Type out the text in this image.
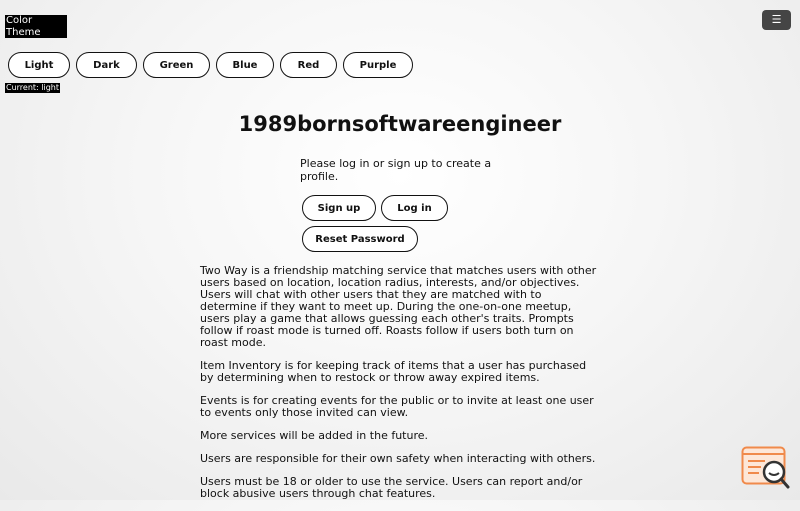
Color Theme
☰
Light	Dark	Green	Blue	Red	Purple
Current: light
1989bornsoftwareengineer
Please log in or sign up to create a profile.
Sign up	Log in
Reset Password

Two Way is a friendship matching service that matches users with other users based on location, location radius, interests, and/or objectives. Users will chat with other users that they are matched with to determine if they want to meet up. During the one-on-one meetup, users play a game that allows guessing each other's traits. Prompts follow if roast mode is turned off. Roasts follow if users both turn on roast mode.

Item Inventory is for keeping track of items that a user has purchased by determining when to restock or throw away expired items.

Events is for creating events for the public or to invite at least one user to events only those invited can view.

More services will be added in the future.

Users are responsible for their own safety when interacting with others.

Users must be 18 or older to use the service. Users can report and/or block abusive users through chat features.
